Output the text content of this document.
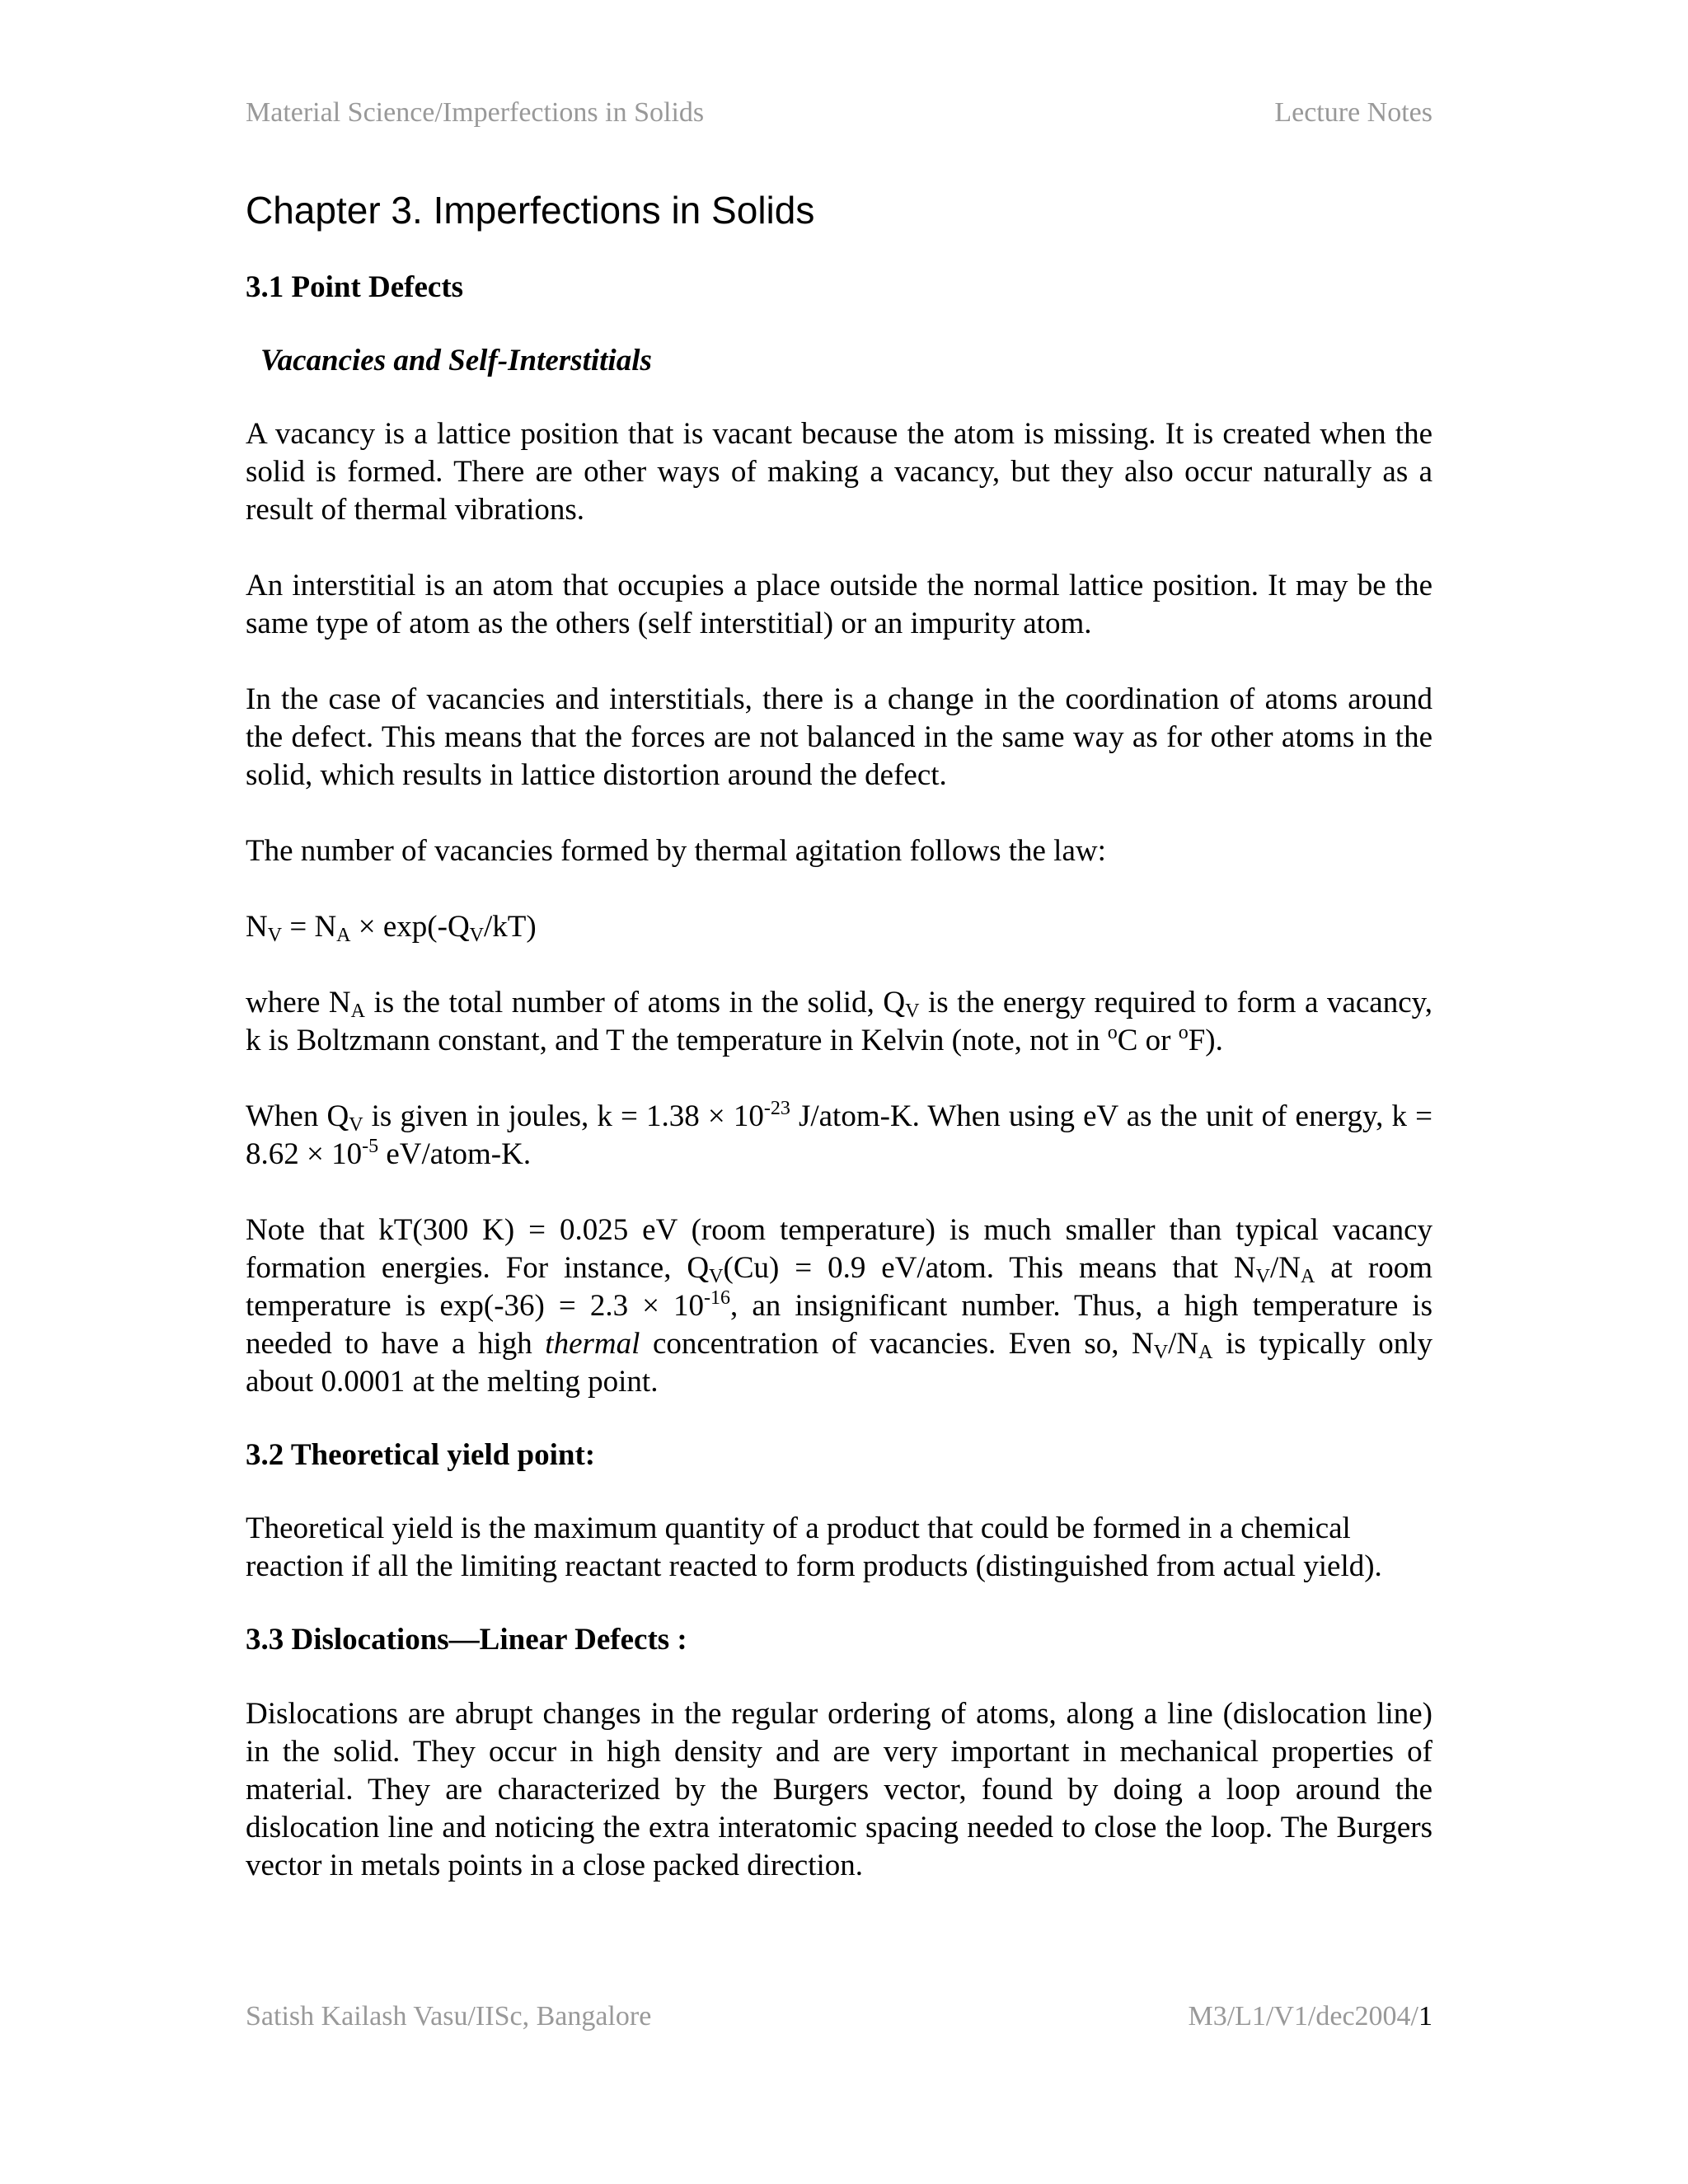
Material Science/Imperfections in Solids	Lecture Notes
Chapter 3. Imperfections in Solids
3.1 Point Defects
Vacancies and Self-Interstitials

A vacancy is a lattice position that is vacant because the atom is missing. It is created when the solid is formed. There are other ways of making a vacancy, but they also occur naturally as a result of thermal vibrations.

An interstitial is an atom that occupies a place outside the normal lattice position. It may be the same type of atom as the others (self interstitial) or an impurity atom.

In the case of vacancies and interstitials, there is a change in the coordination of atoms around the defect. This means that the forces are not balanced in the same way as for other atoms in the solid, which results in lattice distortion around the defect.

The number of vacancies formed by thermal agitation follows the law:

$N_V = N_A \times \exp(-Q_V/kT)$

where $N_A$ is the total number of atoms in the solid, $Q_V$ is the energy required to form a vacancy, k is Boltzmann constant, and T the temperature in Kelvin (note, not in $^o$C or $^o$F).

When $Q_V$ is given in joules, $k = 1.38 \times 10^{-23}$ J/atom-K. When using eV as the unit of energy, $k = 8.62 \times 10^{-5}$ eV/atom-K.

Note that kT(300 K) = 0.025 eV (room temperature) is much smaller than typical vacancy formation energies. For instance, $Q_V(Cu) = 0.9$ eV/atom. This means that $N_V/N_A$ at room temperature is $\exp(-36) = 2.3 \times 10^{-16}$, an insignificant number. Thus, a high temperature is needed to have a high thermal concentration of vacancies. Even so, $N_V/N_A$ is typically only about 0.0001 at the melting point.

3.2 Theoretical yield point:

Theoretical yield is the maximum quantity of a product that could be formed in a chemical reaction if all the limiting reactant reacted to form products (distinguished from actual yield).

3.3 Dislocations—Linear Defects :

Dislocations are abrupt changes in the regular ordering of atoms, along a line (dislocation line) in the solid. They occur in high density and are very important in mechanical properties of material. They are characterized by the Burgers vector, found by doing a loop around the dislocation line and noticing the extra interatomic spacing needed to close the loop. The Burgers vector in metals points in a close packed direction.

Satish Kailash Vasu/IISc, Bangalore	M3/L1/V1/dec2004/1
